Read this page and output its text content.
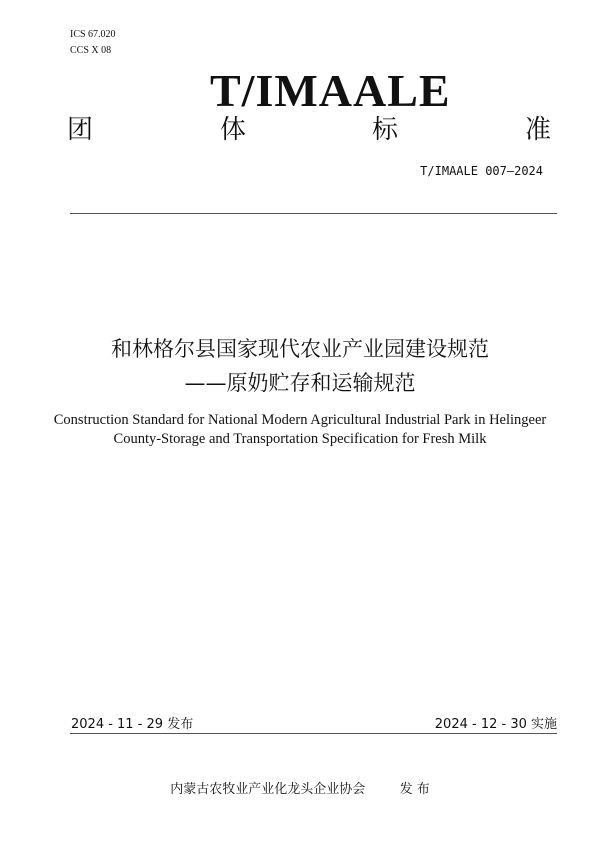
ICS 67.020
CCS X 08
T/IMAALE
团	体	标	准
T/IMAALE 007—2024
和林格尔县国家现代农业产业园建设规范
——原奶贮存和运输规范
Construction Standard for National Modern Agricultural Industrial Park in Helingeer
County-Storage and Transportation Specification for Fresh Milk
2024 - 11 - 29 发布	2024 - 12 - 30 实施
内蒙古农牧业产业化龙头企业协会	发 布
